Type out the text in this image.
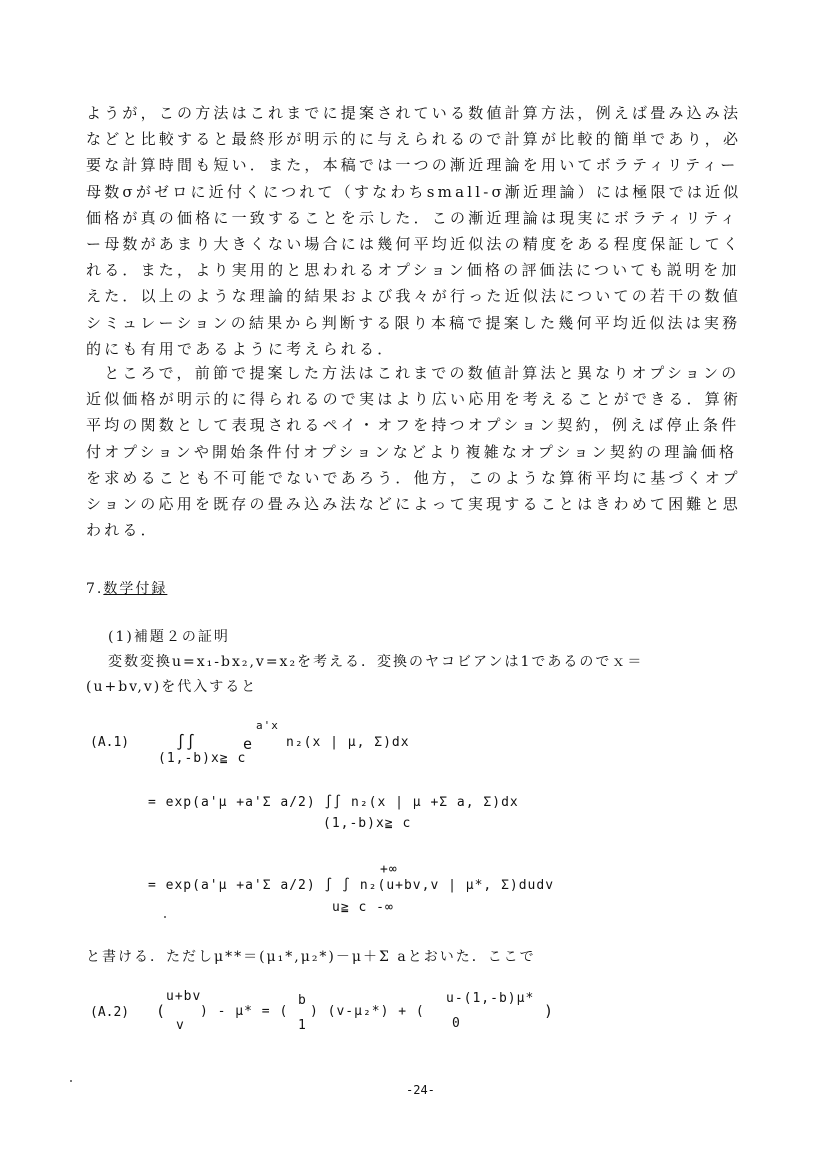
ようが，この方法はこれまでに提案されている数値計算方法，例えば畳み込み法
などと比較すると最終形が明示的に与えられるので計算が比較的簡単であり，必
要な計算時間も短い．また，本稿では一つの漸近理論を用いてボラティリティー
母数σがゼロに近付くにつれて（すなわちsmall-σ漸近理論）には極限では近似
価格が真の価格に一致することを示した．この漸近理論は現実にボラティリティ
ー母数があまり大きくない場合には幾何平均近似法の精度をある程度保証してく
れる．また，より実用的と思われるオプション価格の評価法についても説明を加
えた．以上のような理論的結果および我々が行った近似法についての若干の数値
シミュレーションの結果から判断する限り本稿で提案した幾何平均近似法は実務
的にも有用であるように考えられる．
　ところで，前節で提案した方法はこれまでの数値計算法と異なりオプションの
近似価格が明示的に得られるので実はより広い応用を考えることができる．算術
平均の関数として表現されるペイ・オフを持つオプション契約，例えば停止条件
付オプションや開始条件付オプションなどより複雑なオプション契約の理論価格
を求めることも不可能でないであろう．他方，このような算術平均に基づくオプ
ションの応用を既存の畳み込み法などによって実現することはきわめて困難と思
われる．
7.数学付録
(1)補題２の証明
変数変換u=x₁-bx₂,v=x₂を考える．変換のヤコビアンは1であるのでｘ＝
(u+bv,v)を代入すると
(A.1)	∫∫	e
a'x
n₂(x | μ, Σ)dx
(1,-b)x≧ c
= exp(a'μ +a'Σ a/2) ∫∫ n₂(x | μ +Σ a, Σ)dx
(1,-b)x≧ c
+∞
= exp(a'μ +a'Σ a/2) ∫ ∫ n₂(u+bv,v | μ*, Σ)dudv
u≧ c -∞
と書ける．ただしμ**＝(μ₁*,μ₂*)－μ＋Σ aとおいた．ここで
(A.2) (
u+bv
v
) - μ* = (
b
1
) (v-μ₂*) + (
u-(1,-b)μ*
0
)
-24-
